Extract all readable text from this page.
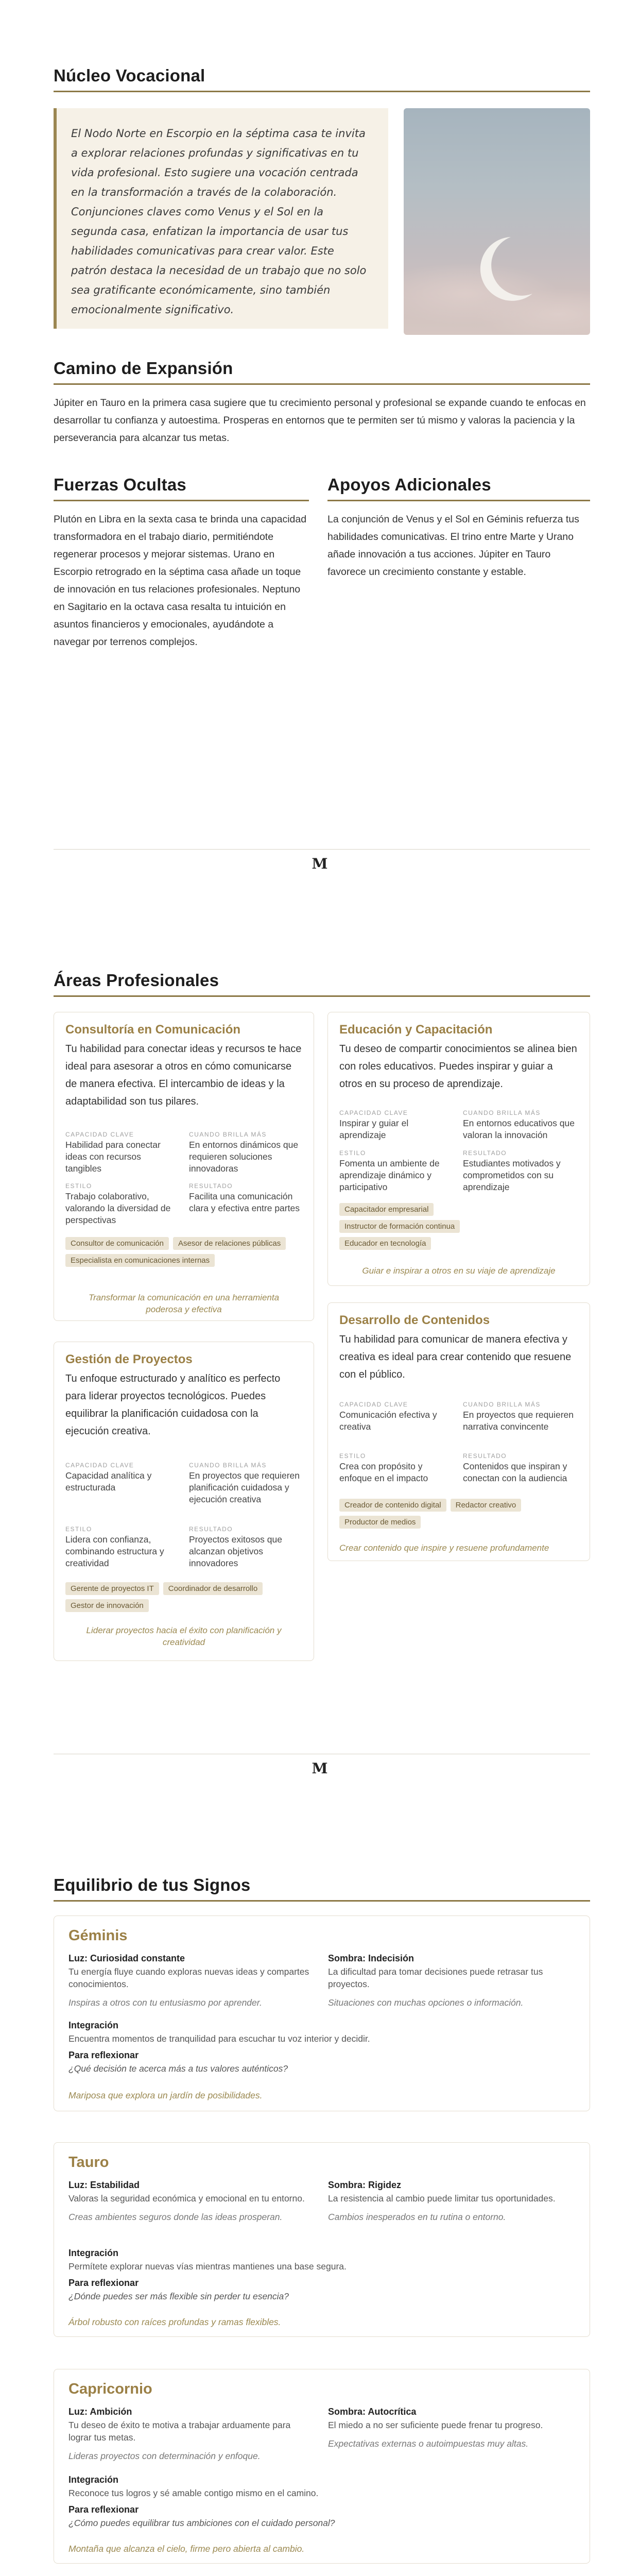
Núcleo Vocacional

El Nodo Norte en Escorpio en la séptima casa te invita a explorar relaciones profundas y significativas en tu vida profesional. Esto sugiere una vocación centrada en la transformación a través de la colaboración. Conjunciones claves como Venus y el Sol en la segunda casa, enfatizan la importancia de usar tus habilidades comunicativas para crear valor. Este patrón destaca la necesidad de un trabajo que no solo sea gratificante económicamente, sino también emocionalmente significativo.

Camino de Expansión

Júpiter en Tauro en la primera casa sugiere que tu crecimiento personal y profesional se expande cuando te enfocas en desarrollar tu confianza y autoestima. Prosperas en entornos que te permiten ser tú mismo y valoras la paciencia y la perseverancia para alcanzar tus metas.

Fuerzas Ocultas

Plutón en Libra en la sexta casa te brinda una capacidad transformadora en el trabajo diario, permitiéndote regenerar procesos y mejorar sistemas. Urano en Escorpio retrogrado en la séptima casa añade un toque de innovación en tus relaciones profesionales. Neptuno en Sagitario en la octava casa resalta tu intuición en asuntos financieros y emocionales, ayudándote a navegar por terrenos complejos.

Apoyos Adicionales

La conjunción de Venus y el Sol en Géminis refuerza tus habilidades comunicativas. El trino entre Marte y Urano añade innovación a tus acciones. Júpiter en Tauro favorece un crecimiento constante y estable.

M
Áreas Profesionales
Consultoría en Comunicación

Tu habilidad para conectar ideas y recursos te hace ideal para asesorar a otros en cómo comunicarse de manera efectiva. El intercambio de ideas y la adaptabilidad son tus pilares.

CAPACIDAD CLAVE
Habilidad para conectar ideas con recursos tangibles
CUANDO BRILLA MÁS
En entornos dinámicos que requieren soluciones innovadoras
ESTILO
Trabajo colaborativo, valorando la diversidad de perspectivas
RESULTADO
Facilita una comunicación clara y efectiva entre partes
Consultor de comunicación	Asesor de relaciones públicas
Especialista en comunicaciones internas
Transformar la comunicación en una herramienta poderosa y efectiva
Educación y Capacitación

Tu deseo de compartir conocimientos se alinea bien con roles educativos. Puedes inspirar y guiar a otros en su proceso de aprendizaje.

CAPACIDAD CLAVE
Inspirar y guiar el aprendizaje
CUANDO BRILLA MÁS
En entornos educativos que valoran la innovación
ESTILO
Fomenta un ambiente de aprendizaje dinámico y participativo
RESULTADO
Estudiantes motivados y comprometidos con su aprendizaje
Capacitador empresarial
Instructor de formación continua
Educador en tecnología
Guiar e inspirar a otros en su viaje de aprendizaje
Gestión de Proyectos

Tu enfoque estructurado y analítico es perfecto para liderar proyectos tecnológicos. Puedes equilibrar la planificación cuidadosa con la ejecución creativa.

CAPACIDAD CLAVE
Capacidad analítica y estructurada
CUANDO BRILLA MÁS
En proyectos que requieren planificación cuidadosa y ejecución creativa
ESTILO
Lidera con confianza, combinando estructura y creatividad
RESULTADO
Proyectos exitosos que alcanzan objetivos innovadores
Gerente de proyectos IT	Coordinador de desarrollo
Gestor de innovación
Liderar proyectos hacia el éxito con planificación y creatividad
Desarrollo de Contenidos

Tu habilidad para comunicar de manera efectiva y creativa es ideal para crear contenido que resuene con el público.

CAPACIDAD CLAVE
Comunicación efectiva y creativa
CUANDO BRILLA MÁS
En proyectos que requieren narrativa convincente
ESTILO
Crea con propósito y enfoque en el impacto
RESULTADO
Contenidos que inspiran y conectan con la audiencia
Creador de contenido digital	Redactor creativo
Productor de medios
Crear contenido que inspire y resuene profundamente
M
Equilibrio de tus Signos
Géminis
Luz: Curiosidad constante
Tu energía fluye cuando exploras nuevas ideas y compartes conocimientos.
Inspiras a otros con tu entusiasmo por aprender.
Sombra: Indecisión
La dificultad para tomar decisiones puede retrasar tus proyectos.
Situaciones con muchas opciones o información.
Integración
Encuentra momentos de tranquilidad para escuchar tu voz interior y decidir.
Para reflexionar
¿Qué decisión te acerca más a tus valores auténticos?
Mariposa que explora un jardín de posibilidades.
Tauro
Luz: Estabilidad
Valoras la seguridad económica y emocional en tu entorno.
Creas ambientes seguros donde las ideas prosperan.
Sombra: Rigidez
La resistencia al cambio puede limitar tus oportunidades.
Cambios inesperados en tu rutina o entorno.
Integración
Permítete explorar nuevas vías mientras mantienes una base segura.
Para reflexionar
¿Dónde puedes ser más flexible sin perder tu esencia?
Árbol robusto con raíces profundas y ramas flexibles.
Capricornio
Luz: Ambición
Tu deseo de éxito te motiva a trabajar arduamente para lograr tus metas.
Lideras proyectos con determinación y enfoque.
Sombra: Autocrítica
El miedo a no ser suficiente puede frenar tu progreso.
Expectativas externas o autoimpuestas muy altas.
Integración
Reconoce tus logros y sé amable contigo mismo en el camino.
Para reflexionar
¿Cómo puedes equilibrar tus ambiciones con el cuidado personal?
Montaña que alcanza el cielo, firme pero abierta al cambio.
